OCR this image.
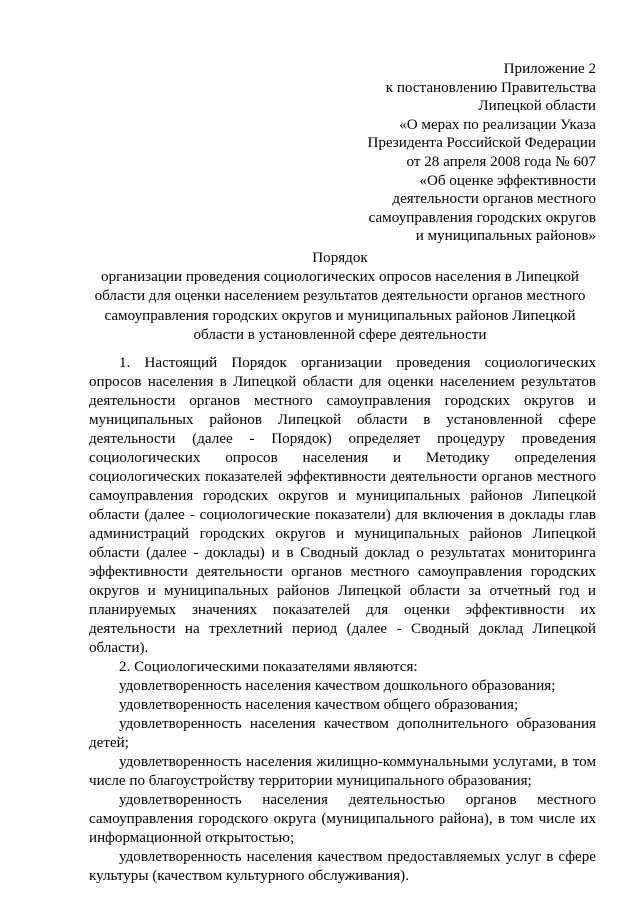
Приложение 2
к постановлению Правительства
Липецкой области
«О мерах по реализации Указа
Президента Российской Федерации
от 28 апреля 2008 года № 607
«Об оценке эффективности
деятельности органов местного
самоуправления городских округов
и муниципальных районов»
Порядок
организации проведения социологических опросов населения в Липецкой
области для оценки населением результатов деятельности органов местного
самоуправления городских округов и муниципальных районов Липецкой
области в установленной сфере деятельности

1. Настоящий Порядок организации проведения социологических опросов населения в Липецкой области для оценки населением результатов деятельности органов местного самоуправления городских округов и муниципальных районов Липецкой области в установленной сфере деятельности (далее - Порядок) определяет процедуру проведения социологических опросов населения и Методику определения социологических показателей эффективности деятельности органов местного самоуправления городских округов и муниципальных районов Липецкой области (далее - социологические показатели) для включения в доклады глав администраций городских округов и муниципальных районов Липецкой области (далее - доклады) и в Сводный доклад о результатах мониторинга эффективности деятельности органов местного самоуправления городских округов и муниципальных районов Липецкой области за отчетный год и планируемых значениях показателей для оценки эффективности их деятельности на трехлетний период (далее - Сводный доклад Липецкой области).

2. Социологическими показателями являются:

удовлетворенность населения качеством дошкольного образования;

удовлетворенность населения качеством общего образования;

удовлетворенность населения качеством дополнительного образования детей;

удовлетворенность населения жилищно-коммунальными услугами, в том числе по благоустройству территории муниципального образования;

удовлетворенность населения деятельностью органов местного самоуправления городского округа (муниципального района), в том числе их информационной открытостью;

удовлетворенность населения качеством предоставляемых услуг в сфере культуры (качеством культурного обслуживания).
